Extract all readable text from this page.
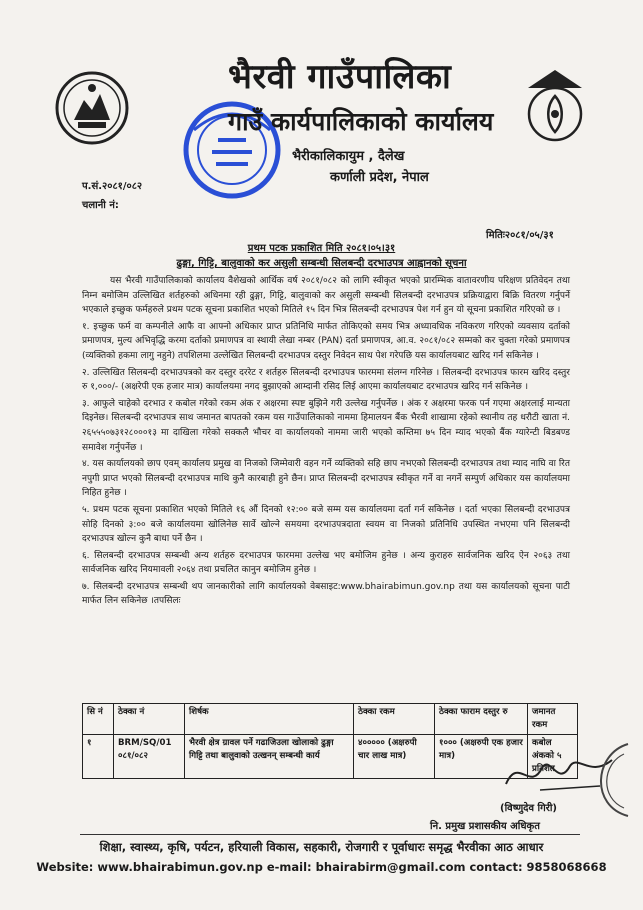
भैरवी गाउँपालिका
गाउँ कार्यपालिकाको कार्यालय
भैरीकालिकायुम , दैलेख
कर्णाली प्रदेश, नेपाल
प.सं.२०८१/०८२
चलानी नं:
मितिः२०८१/०५/३१
प्रथम पटक प्रकाशित मिति २०८१।०५।३१
ढुङ्गा, गिट्टि, बालुवाको कर असुली सम्बन्धी सिलबन्दी दरभाउपत्र आह्वानको सूचना

यस भैरवी गाउँपालिकाको कार्यालय वैशेखको आर्थिक वर्ष २०८१/०८२ को लागि स्वीकृत भएको प्रारम्भिक वातावरणीय परिक्षण प्रतिवेदन तथा निम्न बमोजिम उल्लिखित शर्तहरुको अधिनमा रही ढुङ्गा, गिट्टि, बालुवाको कर असुली सम्बन्धी सिलबन्दी दरभाउपत्र प्रक्रियाद्वारा बिक्रि वितरण गर्नुपर्ने भएकाले इच्छुक फर्महरुले प्रथम पटक सूचना प्रकाशित भएको मितिले १५ दिन भित्र सिलबन्दी दरभाउपत्र पेश गर्न हुन यो सूचना प्रकाशित गरिएको छ ।

१. इच्छुक फर्म वा कम्पनीले आफै वा आफ्नो अधिकार प्राप्त प्रतिनिधि मार्फत तोकिएको समय भित्र अध्यावधिक नविकरण गरिएको व्यवसाय दर्ताको प्रमाणपत्र, मुल्य अभिवृद्धि करमा दर्ताको प्रमाणपत्र वा स्थायी लेखा नम्बर (PAN) दर्ता प्रमाणपत्र, आ.व. २०८१/०८२ सम्मको कर चुक्ता गरेको प्रमाणपत्र (व्यक्तिको हकमा लागु नहुने) तपशिलमा उल्लेखित सिलबन्दी दरभाउपत्र दस्तुर निवेदन साथ पेश गरेपछि यस कार्यालयबाट खरिद गर्न सकिनेछ ।

२. उल्लिखित सिलबन्दी दरभाउपत्रको कर दस्तुर दररेट र शर्तहरु सिलबन्दी दरभाउपत्र फारममा संलग्न गरिनेछ । सिलबन्दी दरभाउपत्र फारम खरिद दस्तुर रु १,०००/- (अक्षरेपी एक हजार मात्र) कार्यालयमा नगद बुझाएको आम्दानी रसिद लिई आएमा कार्यालयबाट दरभाउपत्र खरिद गर्न सकिनेछ ।

३. आफुले चाहेको दरभाउ र कबोल गरेको रकम अंक र अक्षरमा स्पष्ट बुझिने गरी उल्लेख गर्नुपर्नेछ । अंक र अक्षरमा फरक पर्न गएमा अक्षरलाई मान्यता दिइनेछ। सिलबन्दी दरभाउपत्र साथ जमानत बापतको रकम यस गाउँपालिकाको नाममा हिमालयन बैंक भैरवी शाखामा रहेको स्थानीय तह धरौटी खाता नं. २६५५५०७३१२८०००१३ मा दाखिला गरेको सक्कलै भौचर वा कार्यालयको नाममा जारी भएको कम्तिमा ७५ दिन म्याद भएको बैंक ग्यारेन्टी बिडबण्ड समावेश गर्नुपर्नेछ ।

४. यस कार्यालयको छाप एवम् कार्यालय प्रमुख वा निजको जिम्मेवारी वहन गर्ने व्यक्तिको सहि छाप नभएको सिलबन्दी दरभाउपत्र तथा म्याद नाघि वा रित नपुगी प्राप्त भएको सिलबन्दी दरभाउपत्र माथि कुनै कारबाही हुने छैन। प्राप्त सिलबन्दी दरभाउपत्र स्वीकृत गर्ने वा नगर्ने सम्पुर्ण अधिकार यस कार्यालयमा निहित हुनेछ ।

५. प्रथम पटक सूचना प्रकाशित भएको मितिले १६ औं दिनको १२:०० बजे सम्म यस कार्यालयमा दर्ता गर्न सकिनेछ । दर्ता भएका सिलबन्दी दरभाउपत्र सोहि दिनको ३:०० बजे कार्यालयमा खोलिनेछ सार्वे खोल्ने समयमा दरभाउपत्रदाता स्वयम वा निजको प्रतिनिधि उपस्थित नभएमा पनि सिलबन्दी दरभाउपत्र खोल्न कुनै बाधा पर्ने छैन ।

६. सिलबन्दी दरभाउपत्र सम्बन्धी अन्य शर्तहरु दरभाउपत्र फारममा उल्लेख भए बमोजिम हुनेछ । अन्य कुराहरु सार्वजनिक खरिद ऐन २०६३ तथा सार्वजनिक खरिद नियमावली २०६४ तथा प्रचलित कानुन बमोजिम हुनेछ ।

७. सिलबन्दी दरभाउपत्र सम्बन्धी थप जानकारीको लागि कार्यालयको वेबसाइट:www.bhairabimun.gov.np तथा यस कार्यालयको सूचना पाटी मार्फत लिन सकिनेछ ।तपसिलः

सि नं	ठेक्का नं	शिर्षक	ठेक्का रकम	ठेक्का फाराम दस्तुर रु	जमानत रकम
१	BRM/SQ/01 ०८१/०८२	भैरवी क्षेत्र ग्रावल पर्ने गढाजिउला खोलाको ढुङ्गा गिट्टि तथा बालुवाको उत्खनन् सम्बन्धी कार्य	४००००० (अक्षरुपी चार लाख मात्र)	१००० (अक्षरुपी एक हजार मात्र)	कबोल अंकको ५ प्रतिशत
(विष्णुदेव गिरी)
नि. प्रमुख प्रशासकीय अधिकृत
शिक्षा, स्वास्थ्य, कृषि, पर्यटन, हरियाली विकास, सहकारी, रोजगारी र पूर्वाधारः समृद्ध भैरवीका आठ आधार
Website: www.bhairabimun.gov.np e-mail: bhairabirm@gmail.com contact: 9858068668
